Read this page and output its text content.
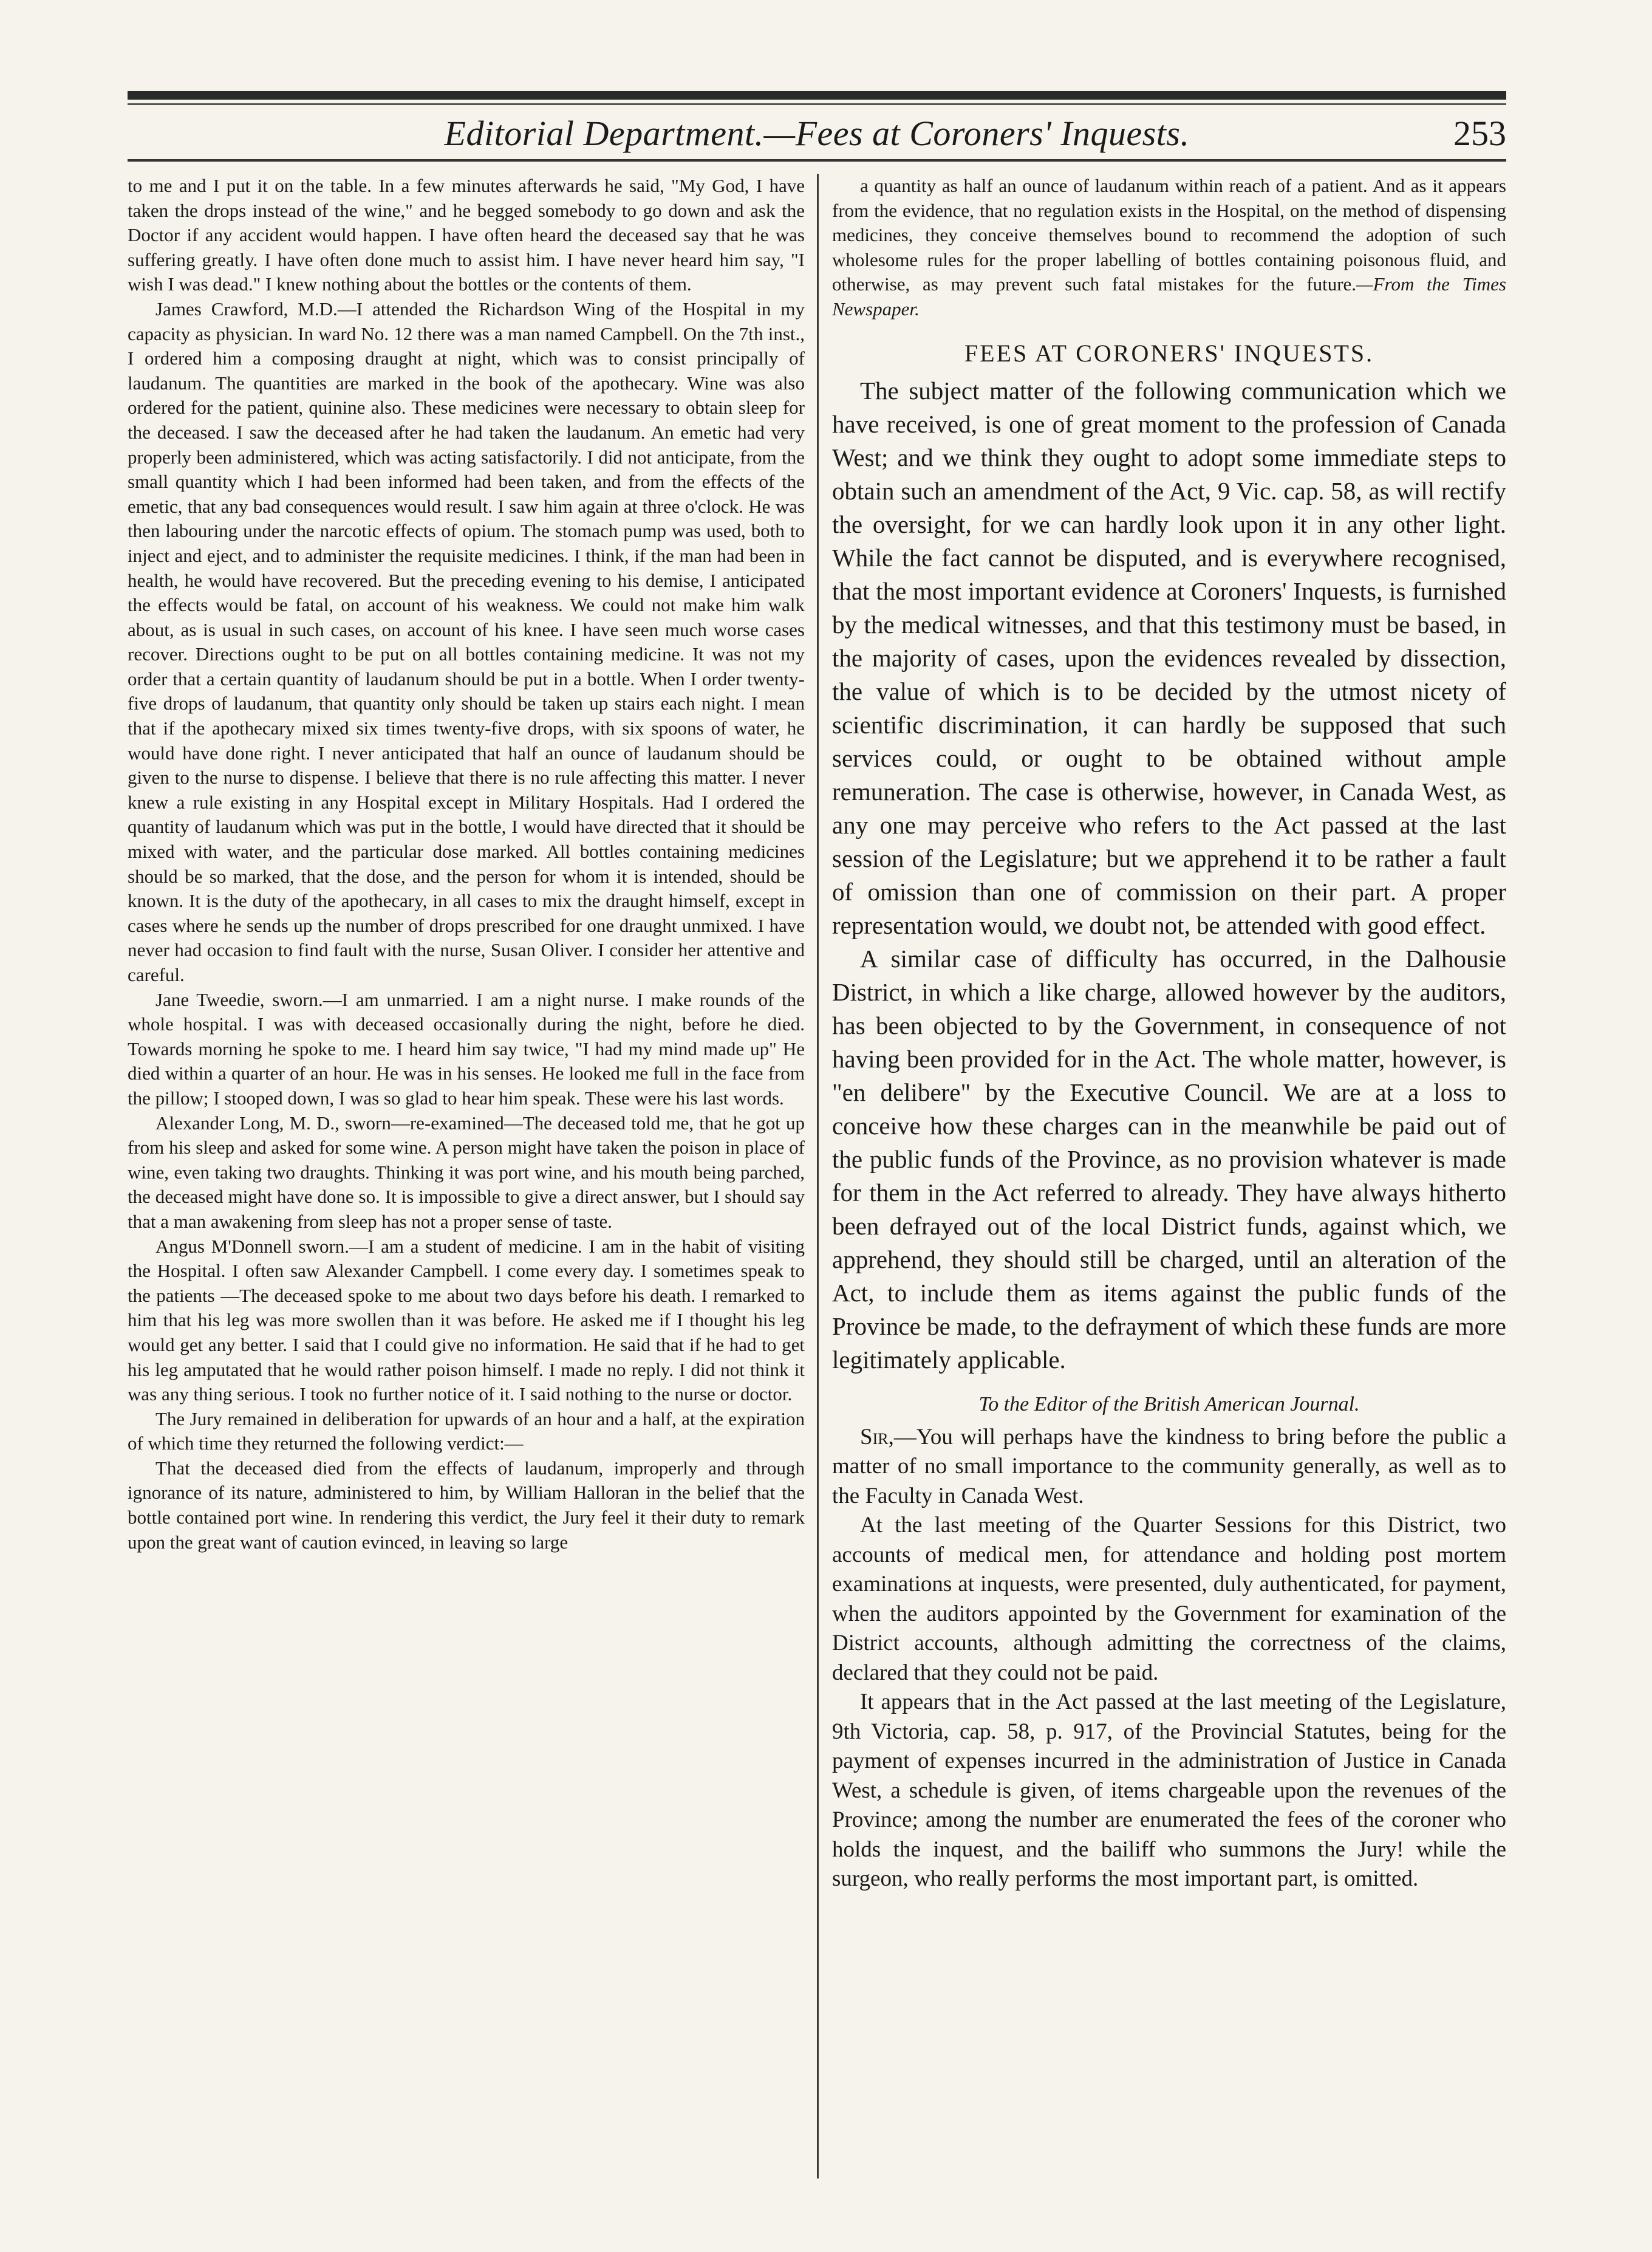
Editorial Department.—Fees at Coroners' Inquests.	253

to me and I put it on the table. In a few minutes afterwards he said, "My God, I have taken the drops instead of the wine," and he begged somebody to go down and ask the Doctor if any accident would happen. I have often heard the deceased say that he was suffering greatly. I have often done much to assist him. I have never heard him say, "I wish I was dead." I knew nothing about the bottles or the contents of them.

James Crawford, M.D.—I attended the Richardson Wing of the Hospital in my capacity as physician. In ward No. 12 there was a man named Campbell. On the 7th inst., I ordered him a composing draught at night, which was to consist principally of laudanum. The quantities are marked in the book of the apothecary. Wine was also ordered for the patient, quinine also. These medicines were necessary to obtain sleep for the deceased. I saw the deceased after he had taken the laudanum. An emetic had very properly been administered, which was acting satisfactorily. I did not anticipate, from the small quantity which I had been informed had been taken, and from the effects of the emetic, that any bad consequences would result. I saw him again at three o'clock. He was then labouring under the narcotic effects of opium. The stomach pump was used, both to inject and eject, and to administer the requisite medicines. I think, if the man had been in health, he would have recovered. But the preceding evening to his demise, I anticipated the effects would be fatal, on account of his weakness. We could not make him walk about, as is usual in such cases, on account of his knee. I have seen much worse cases recover. Directions ought to be put on all bottles containing medicine. It was not my order that a certain quantity of laudanum should be put in a bottle. When I order twenty-five drops of laudanum, that quantity only should be taken up stairs each night. I mean that if the apothecary mixed six times twenty-five drops, with six spoons of water, he would have done right. I never anticipated that half an ounce of laudanum should be given to the nurse to dispense. I believe that there is no rule affecting this matter. I never knew a rule existing in any Hospital except in Military Hospitals. Had I ordered the quantity of laudanum which was put in the bottle, I would have directed that it should be mixed with water, and the particular dose marked. All bottles containing medicines should be so marked, that the dose, and the person for whom it is intended, should be known. It is the duty of the apothecary, in all cases to mix the draught himself, except in cases where he sends up the number of drops prescribed for one draught unmixed. I have never had occasion to find fault with the nurse, Susan Oliver. I consider her attentive and careful.

Jane Tweedie, sworn.—I am unmarried. I am a night nurse. I make rounds of the whole hospital. I was with deceased occasionally during the night, before he died. Towards morning he spoke to me. I heard him say twice, "I had my mind made up" He died within a quarter of an hour. He was in his senses. He looked me full in the face from the pillow; I stooped down, I was so glad to hear him speak. These were his last words.

Alexander Long, M. D., sworn—re-examined—The deceased told me, that he got up from his sleep and asked for some wine. A person might have taken the poison in place of wine, even taking two draughts. Thinking it was port wine, and his mouth being parched, the deceased might have done so. It is impossible to give a direct answer, but I should say that a man awakening from sleep has not a proper sense of taste.

Angus M'Donnell sworn.—I am a student of medicine. I am in the habit of visiting the Hospital. I often saw Alexander Campbell. I come every day. I sometimes speak to the patients —The deceased spoke to me about two days before his death. I remarked to him that his leg was more swollen than it was before. He asked me if I thought his leg would get any better. I said that I could give no information. He said that if he had to get his leg amputated that he would rather poison himself. I made no reply. I did not think it was any thing serious. I took no further notice of it. I said nothing to the nurse or doctor.

The Jury remained in deliberation for upwards of an hour and a half, at the expiration of which time they returned the following verdict:—

That the deceased died from the effects of laudanum, improperly and through ignorance of its nature, administered to him, by William Halloran in the belief that the bottle contained port wine. In rendering this verdict, the Jury feel it their duty to remark upon the great want of caution evinced, in leaving so large

a quantity as half an ounce of laudanum within reach of a patient. And as it appears from the evidence, that no regulation exists in the Hospital, on the method of dispensing medicines, they conceive themselves bound to recommend the adoption of such wholesome rules for the proper labelling of bottles containing poisonous fluid, and otherwise, as may prevent such fatal mistakes for the future.—From the Times Newspaper.

FEES AT CORONERS' INQUESTS.

The subject matter of the following communication which we have received, is one of great moment to the profession of Canada West; and we think they ought to adopt some immediate steps to obtain such an amendment of the Act, 9 Vic. cap. 58, as will rectify the oversight, for we can hardly look upon it in any other light. While the fact cannot be disputed, and is everywhere recognised, that the most important evidence at Coroners' Inquests, is furnished by the medical witnesses, and that this testimony must be based, in the majority of cases, upon the evidences revealed by dissection, the value of which is to be decided by the utmost nicety of scientific discrimination, it can hardly be supposed that such services could, or ought to be obtained without ample remuneration. The case is otherwise, however, in Canada West, as any one may perceive who refers to the Act passed at the last session of the Legislature; but we apprehend it to be rather a fault of omission than one of commission on their part. A proper representation would, we doubt not, be attended with good effect.

A similar case of difficulty has occurred, in the Dalhousie District, in which a like charge, allowed however by the auditors, has been objected to by the Government, in consequence of not having been provided for in the Act. The whole matter, however, is "en delibere" by the Executive Council. We are at a loss to conceive how these charges can in the meanwhile be paid out of the public funds of the Province, as no provision whatever is made for them in the Act referred to already. They have always hitherto been defrayed out of the local District funds, against which, we apprehend, they should still be charged, until an alteration of the Act, to include them as items against the public funds of the Province be made, to the defrayment of which these funds are more legitimately applicable.

To the Editor of the British American Journal.

Sir,—You will perhaps have the kindness to bring before the public a matter of no small importance to the community generally, as well as to the Faculty in Canada West.

At the last meeting of the Quarter Sessions for this District, two accounts of medical men, for attendance and holding post mortem examinations at inquests, were presented, duly authenticated, for payment, when the auditors appointed by the Government for examination of the District accounts, although admitting the correctness of the claims, declared that they could not be paid.

It appears that in the Act passed at the last meeting of the Legislature, 9th Victoria, cap. 58, p. 917, of the Provincial Statutes, being for the payment of expenses incurred in the administration of Justice in Canada West, a schedule is given, of items chargeable upon the revenues of the Province; among the number are enumerated the fees of the coroner who holds the inquest, and the bailiff who summons the Jury! while the surgeon, who really performs the most important part, is omitted.
